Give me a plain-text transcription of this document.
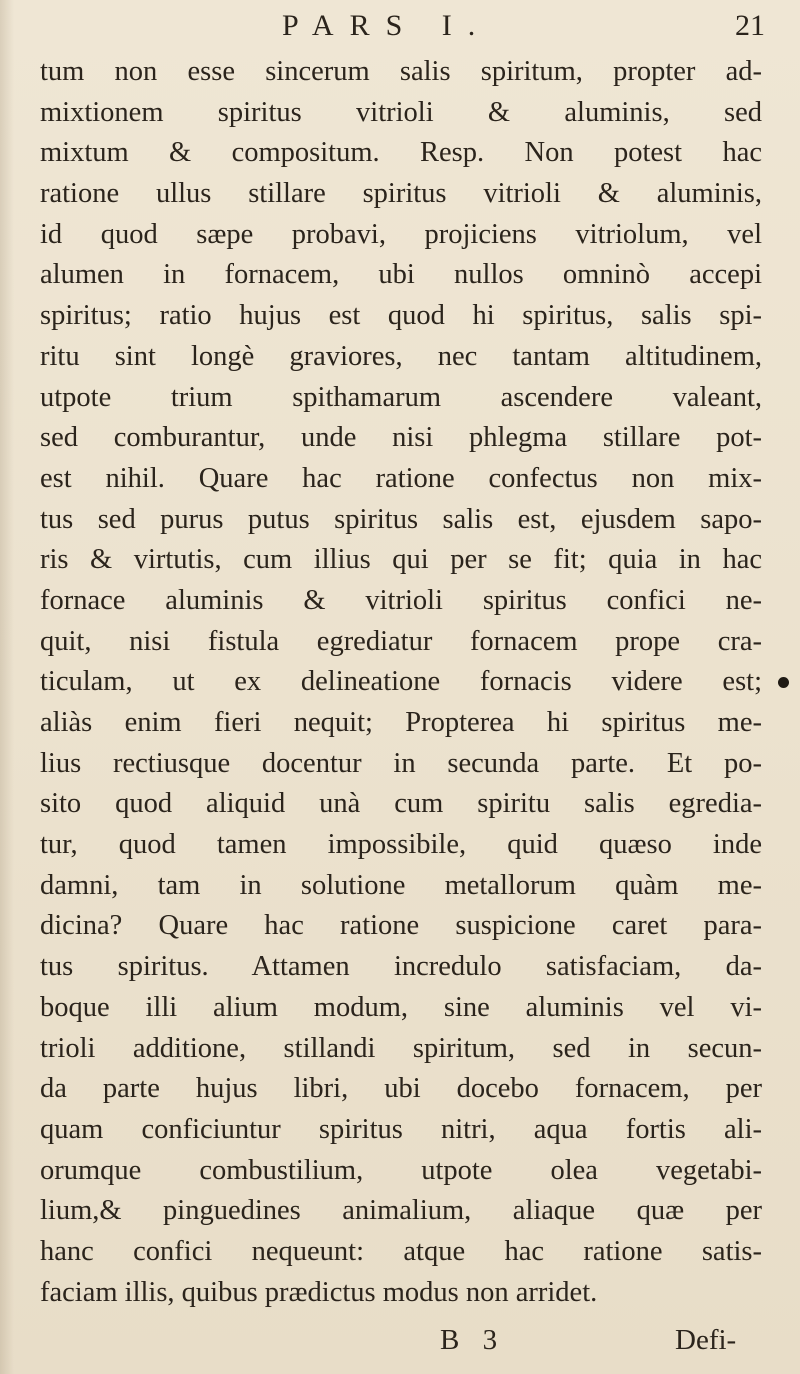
PARS I.	21
tum non esse sincerum salis spiritum, propter ad-
mixtionem spiritus vitrioli & aluminis, sed
mixtum & compositum. Resp. Non potest hac
ratione ullus stillare spiritus vitrioli & aluminis,
id quod sæpe probavi, projiciens vitriolum, vel
alumen in fornacem, ubi nullos omninò accepi
spiritus; ratio hujus est quod hi spiritus, salis spi-
ritu sint longè graviores, nec tantam altitudinem,
utpote trium spithamarum ascendere valeant,
sed comburantur, unde nisi phlegma stillare pot-
est nihil. Quare hac ratione confectus non mix-
tus sed purus putus spiritus salis est, ejusdem sapo-
ris & virtutis, cum illius qui per se fit; quia in hac
fornace aluminis & vitrioli spiritus confici ne-
quit, nisi fistula egrediatur fornacem prope cra-
ticulam, ut ex delineatione fornacis videre est;
aliàs enim fieri nequit; Propterea hi spiritus me-
lius rectiusque docentur in secunda parte. Et po-
sito quod aliquid unà cum spiritu salis egredia-
tur, quod tamen impossibile, quid quæso inde
damni, tam in solutione metallorum quàm me-
dicina? Quare hac ratione suspicione caret para-
tus spiritus. Attamen incredulo satisfaciam, da-
boque illi alium modum, sine aluminis vel vi-
trioli additione, stillandi spiritum, sed in secun-
da parte hujus libri, ubi docebo fornacem, per
quam conficiuntur spiritus nitri, aqua fortis ali-
orumque combustilium, utpote olea vegetabi-
lium,& pinguedines animalium, aliaque quæ per
hanc confici nequeunt: atque hac ratione satis-
faciam illis, quibus prædictus modus non arridet.
B 3	Defi-
